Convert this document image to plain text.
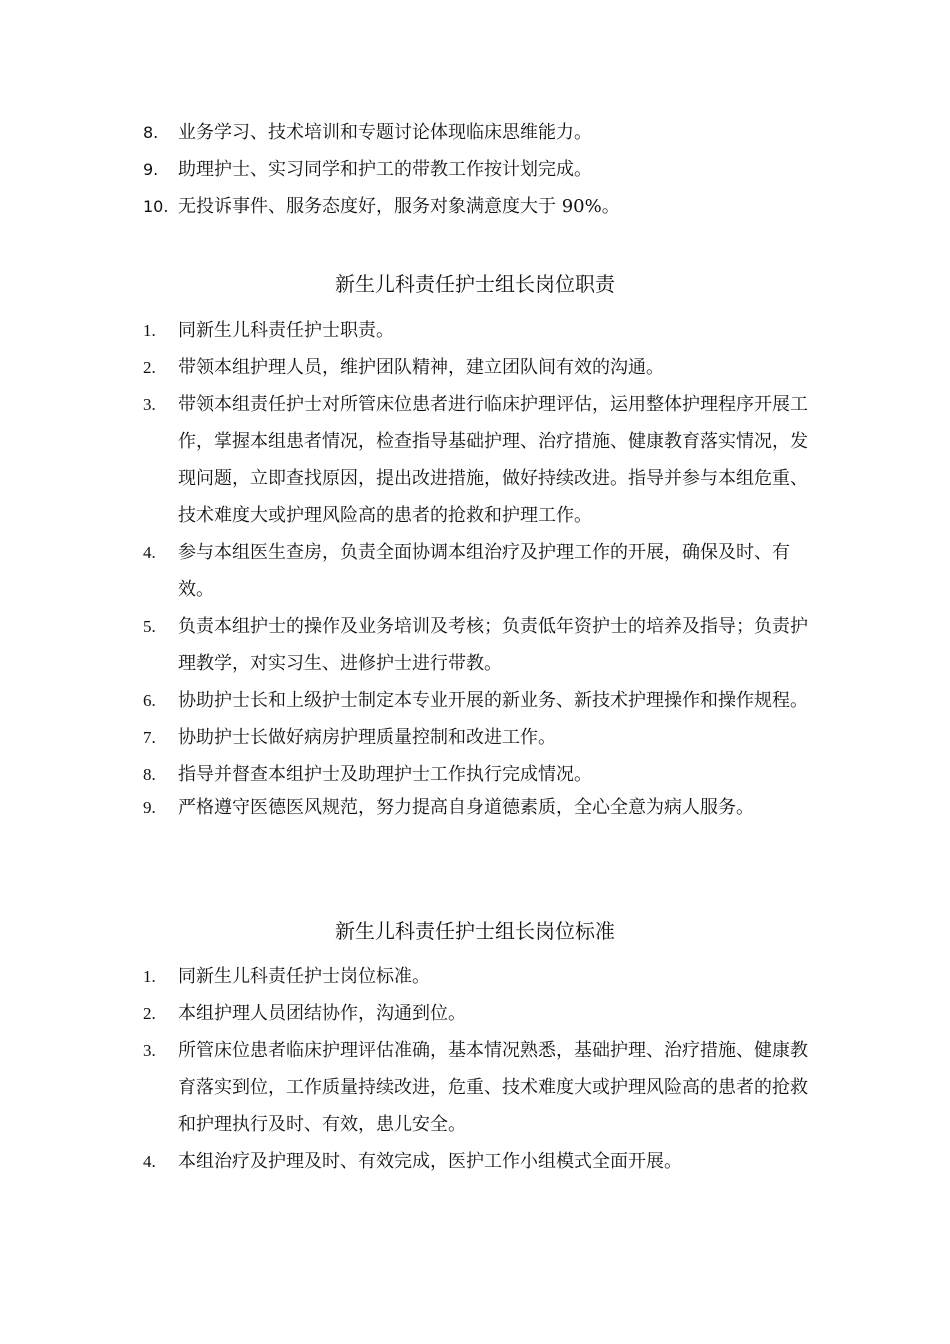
8. 业务学习、技术培训和专题讨论体现临床思维能力。

9. 助理护士、实习同学和护工的带教工作按计划完成。

10. 无投诉事件、服务态度好，服务对象满意度大于 90%。

新生儿科责任护士组长岗位职责

1. 同新生儿科责任护士职责。

2. 带领本组护理人员，维护团队精神，建立团队间有效的沟通。

3. 带领本组责任护士对所管床位患者进行临床护理评估，运用整体护理程序开展工作，掌握本组患者情况，检查指导基础护理、治疗措施、健康教育落实情况，发现问题，立即查找原因，提出改进措施，做好持续改进。指导并参与本组危重、技术难度大或护理风险高的患者的抢救和护理工作。

4. 参与本组医生查房，负责全面协调本组治疗及护理工作的开展，确保及时、有效。

5. 负责本组护士的操作及业务培训及考核；负责低年资护士的培养及指导；负责护理教学，对实习生、进修护士进行带教。

6. 协助护士长和上级护士制定本专业开展的新业务、新技术护理操作和操作规程。

7. 协助护士长做好病房护理质量控制和改进工作。

8. 指导并督查本组护士及助理护士工作执行完成情况。

9. 严格遵守医德医风规范，努力提高自身道德素质，全心全意为病人服务。

新生儿科责任护士组长岗位标准

1. 同新生儿科责任护士岗位标准。

2. 本组护理人员团结协作，沟通到位。

3. 所管床位患者临床护理评估准确，基本情况熟悉，基础护理、治疗措施、健康教育落实到位，工作质量持续改进，危重、技术难度大或护理风险高的患者的抢救和护理执行及时、有效，患儿安全。

4. 本组治疗及护理及时、有效完成，医护工作小组模式全面开展。
